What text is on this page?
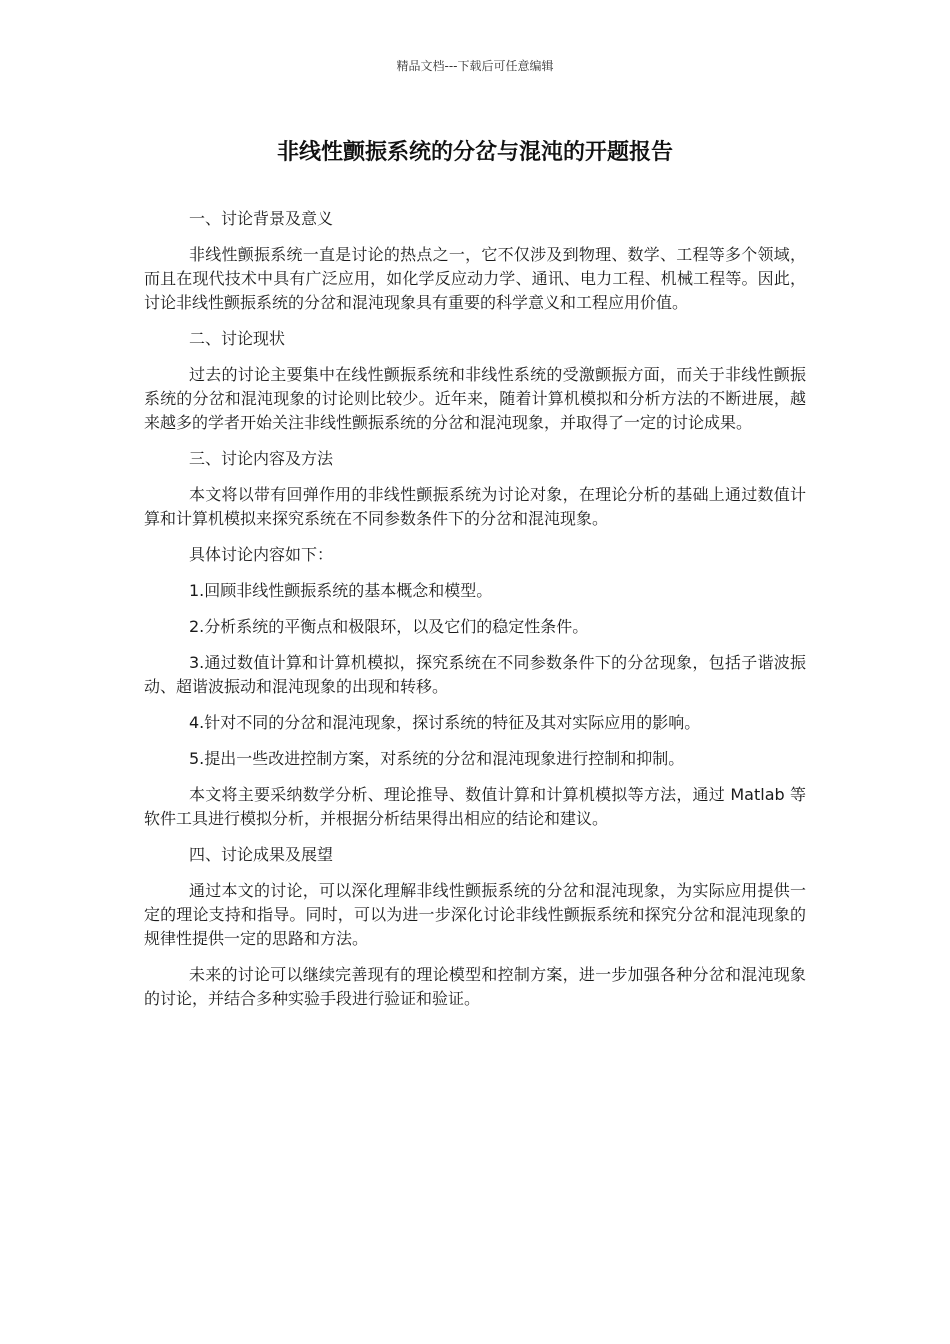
精品文档---下载后可任意编辑
非线性颤振系统的分岔与混沌的开题报告

一、讨论背景及意义

非线性颤振系统一直是讨论的热点之一，它不仅涉及到物理、数学、工程等多个领域，而且在现代技术中具有广泛应用，如化学反应动力学、通讯、电力工程、机械工程等。因此，讨论非线性颤振系统的分岔和混沌现象具有重要的科学意义和工程应用价值。

二、讨论现状

过去的讨论主要集中在线性颤振系统和非线性系统的受激颤振方面，而关于非线性颤振系统的分岔和混沌现象的讨论则比较少。近年来，随着计算机模拟和分析方法的不断进展，越来越多的学者开始关注非线性颤振系统的分岔和混沌现象，并取得了一定的讨论成果。

三、讨论内容及方法

本文将以带有回弹作用的非线性颤振系统为讨论对象，在理论分析的基础上通过数值计算和计算机模拟来探究系统在不同参数条件下的分岔和混沌现象。

具体讨论内容如下：

1.回顾非线性颤振系统的基本概念和模型。

2.分析系统的平衡点和极限环，以及它们的稳定性条件。

3.通过数值计算和计算机模拟，探究系统在不同参数条件下的分岔现象，包括子谐波振动、超谐波振动和混沌现象的出现和转移。

4.针对不同的分岔和混沌现象，探讨系统的特征及其对实际应用的影响。

5.提出一些改进控制方案，对系统的分岔和混沌现象进行控制和抑制。

本文将主要采纳数学分析、理论推导、数值计算和计算机模拟等方法，通过 Matlab 等软件工具进行模拟分析，并根据分析结果得出相应的结论和建议。

四、讨论成果及展望

通过本文的讨论，可以深化理解非线性颤振系统的分岔和混沌现象，为实际应用提供一定的理论支持和指导。同时，可以为进一步深化讨论非线性颤振系统和探究分岔和混沌现象的规律性提供一定的思路和方法。

未来的讨论可以继续完善现有的理论模型和控制方案，进一步加强各种分岔和混沌现象的讨论，并结合多种实验手段进行验证和验证。
